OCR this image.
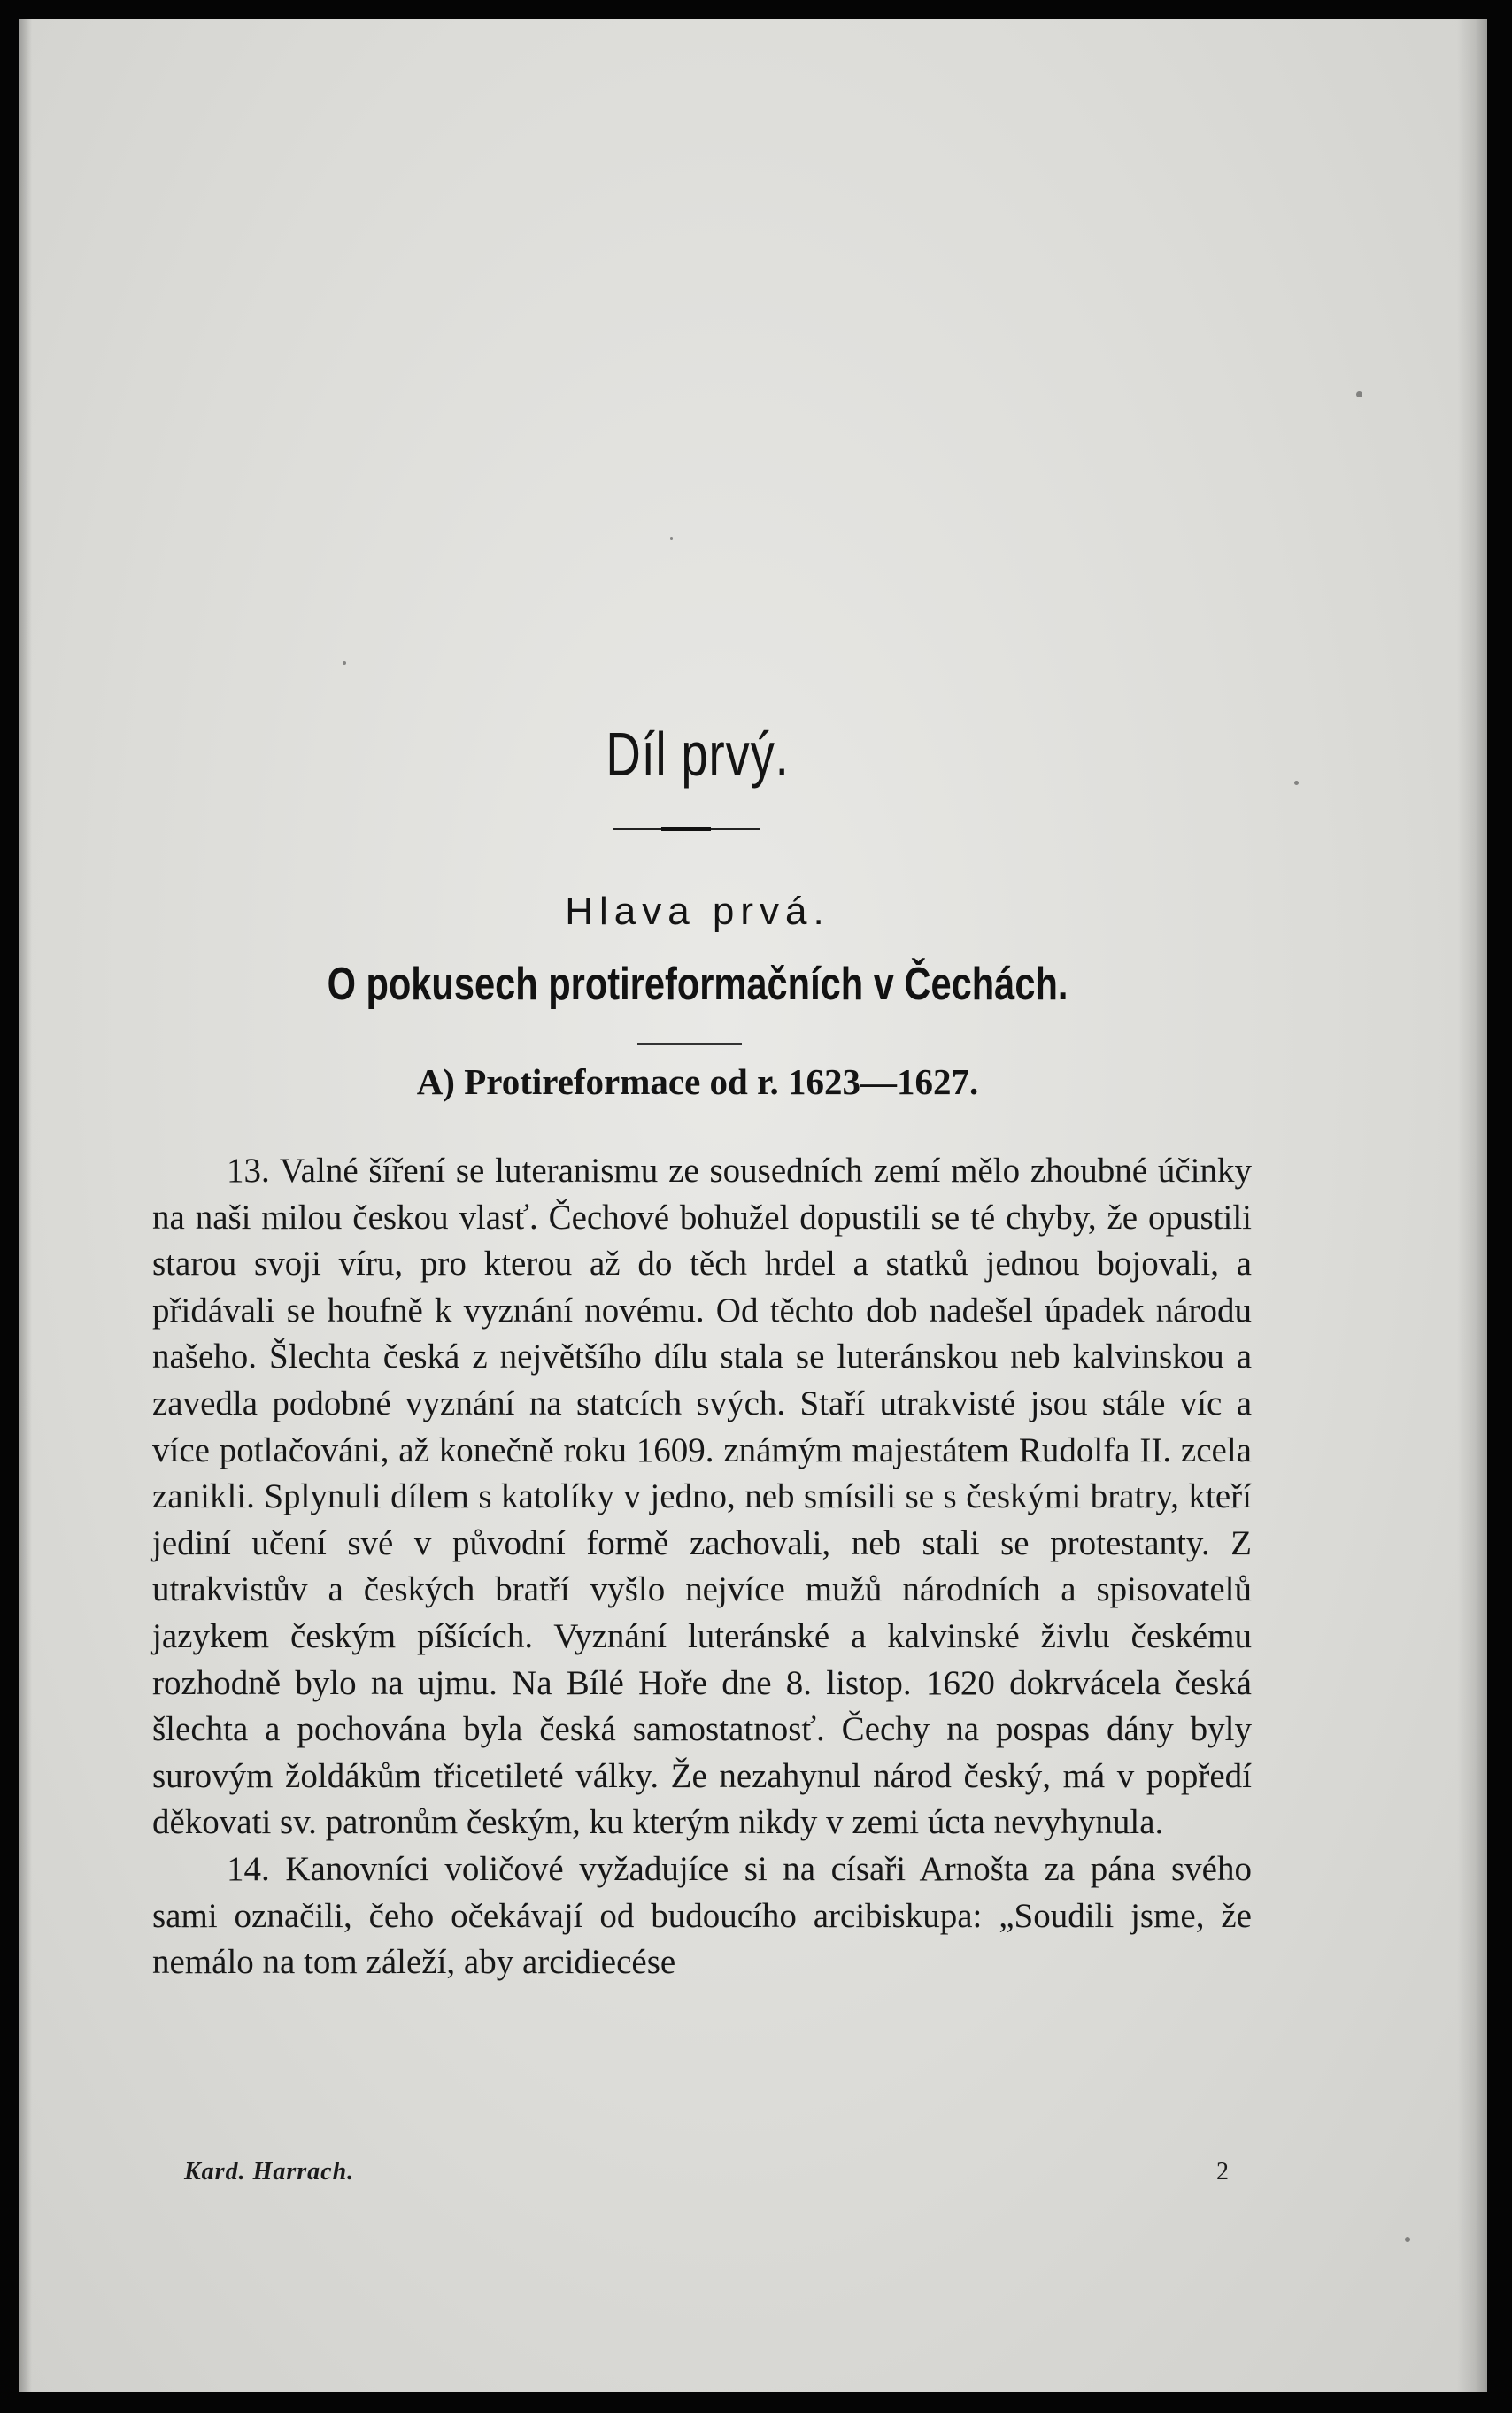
Díl prvý.
Hlava prvá.
O pokusech protireformačních v Čechách.
A) Protireformace od r. 1623—1627.

13. Valné šíření se luteranismu ze sousedních zemí mělo zhoubné účinky na naši milou českou vlasť. Čechové bohužel dopustili se té chyby, že opustili starou svoji víru, pro kterou až do těch hrdel a statků jednou bojovali, a přidávali se houfně k vyznání novému. Od těchto dob nadešel úpadek národu našeho. Šlechta česká z největšího dílu stala se luteránskou neb kalvinskou a zavedla podobné vyznání na statcích svých. Staří utrakvisté jsou stále víc a více potlačováni, až konečně roku 1609. známým majestátem Rudolfa II. zcela zanikli. Splynuli dílem s katolíky v jedno, neb smísili se s českými bratry, kteří jediní učení své v původní formě zachovali, neb stali se protestanty. Z utrakvistův a českých bratří vyšlo nejvíce mužů národních a spisovatelů jazykem českým píšících. Vyznání luteránské a kalvinské živlu českému rozhodně bylo na ujmu. Na Bílé Hoře dne 8. listop. 1620 dokrvácela česká šlechta a pochována byla česká samostatnosť. Čechy na pospas dány byly surovým žoldákům třicetileté války. Že nezahynul národ český, má v popředí děkovati sv. patronům českým, ku kterým nikdy v zemi úcta nevyhynula.

14. Kanovníci voličové vyžadujíce si na císaři Arnošta za pána svého sami označili, čeho očekávají od budoucího arcibiskupa: „Soudili jsme, že nemálo na tom záleží, aby arcidiecése

Kard. Harrach.	2
